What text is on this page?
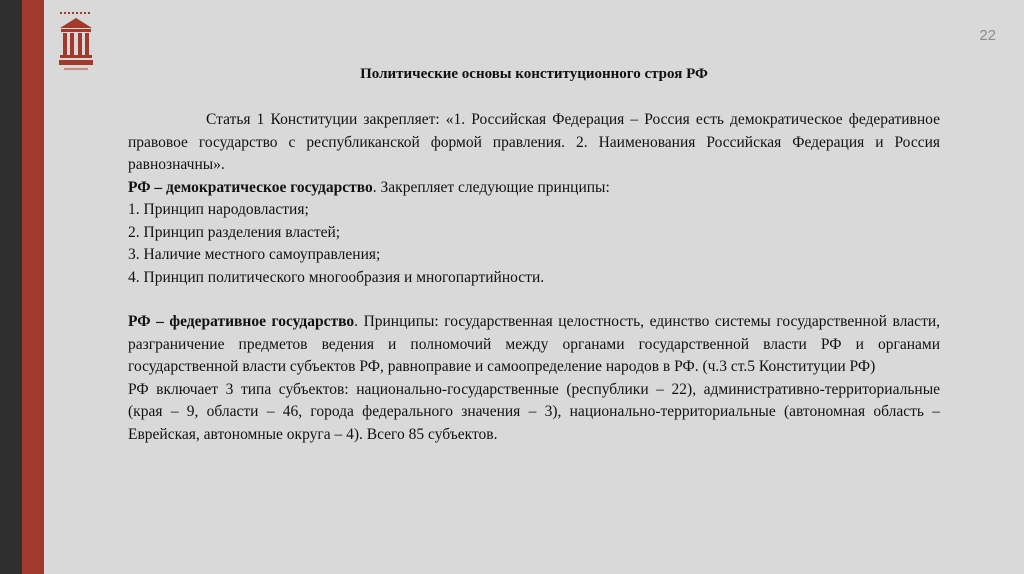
22
Политические основы конституционного строя РФ

Статья 1 Конституции закрепляет: «1. Российская Федерация – Россия есть демократическое федеративное правовое государство с республиканской формой правления. 2. Наименования Российская Федерация и Россия равнозначны».

РФ – демократическое государство. Закрепляет следующие принципы:

1. Принцип народовластия;

2. Принцип разделения властей;

3. Наличие местного самоуправления;

4. Принцип политического многообразия и многопартийности.

РФ – федеративное государство. Принципы: государственная целостность, единство системы государственной власти, разграничение предметов ведения и полномочий между органами государственной власти РФ и органами государственной власти субъектов РФ, равноправие и самоопределение народов в РФ. (ч.3 ст.5 Конституции РФ)

РФ включает 3 типа субъектов: национально-государственные (республики – 22), административно-территориальные (края – 9, области – 46, города федерального значения – 3), национально-территориальные (автономная область – Еврейская, автономные округа – 4). Всего 85 субъектов.
